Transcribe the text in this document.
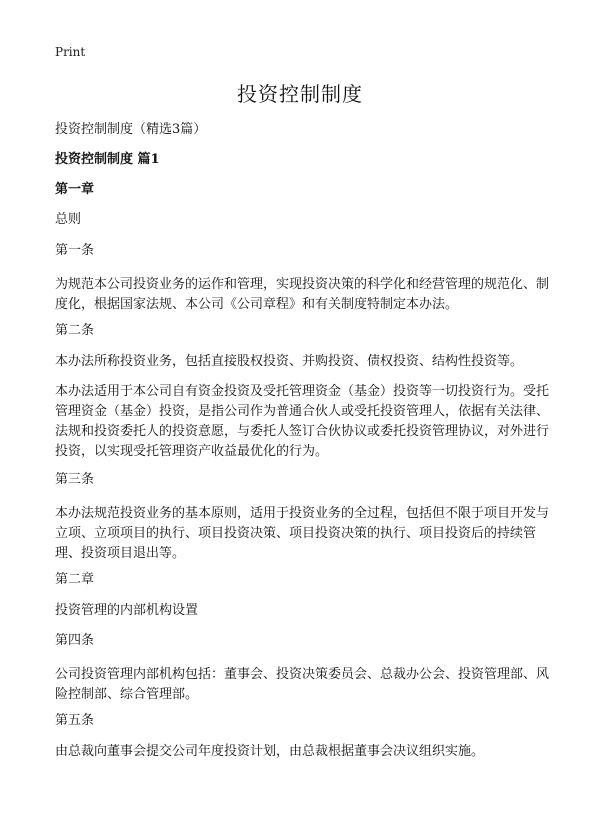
Print
投资控制制度

投资控制制度（精选3篇）

投资控制制度 篇1

第一章

总则

第一条

为规范本公司投资业务的运作和管理，实现投资决策的科学化和经营管理的规范化、制度化，根据国家法规、本公司《公司章程》和有关制度特制定本办法。

第二条

本办法所称投资业务，包括直接股权投资、并购投资、债权投资、结构性投资等。

本办法适用于本公司自有资金投资及受托管理资金（基金）投资等一切投资行为。受托管理资金（基金）投资，是指公司作为普通合伙人或受托投资管理人，依据有关法律、法规和投资委托人的投资意愿，与委托人签订合伙协议或委托投资管理协议，对外进行投资，以实现受托管理资产收益最优化的行为。

第三条

本办法规范投资业务的基本原则，适用于投资业务的全过程，包括但不限于项目开发与立项、立项项目的执行、项目投资决策、项目投资决策的执行、项目投资后的持续管理、投资项目退出等。

第二章

投资管理的内部机构设置

第四条

公司投资管理内部机构包括：董事会、投资决策委员会、总裁办公会、投资管理部、风险控制部、综合管理部。

第五条

由总裁向董事会提交公司年度投资计划，由总裁根据董事会决议组织实施。
